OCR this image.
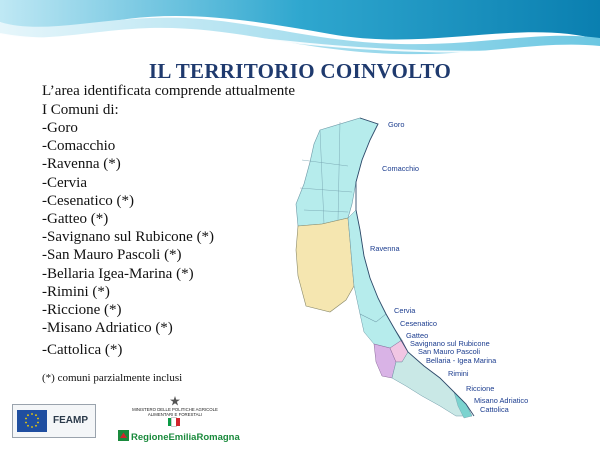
IL TERRITORIO COINVOLTO
L’area identificata comprende attualmente
I Comuni di:
-Goro
-Comacchio
-Ravenna (*)
-Cervia
-Cesenatico (*)
-Gatteo (*)
-Savignano sul Rubicone (*)
-San Mauro Pascoli (*)
-Bellaria Igea-Marina (*)
-Rimini (*)
-Riccione (*)
-Misano Adriatico (*)
-Cattolica (*)
(*) comuni parzialmente inclusi
FEAMP
MINISTERO DELLE POLITICHE AGRICOLE
ALIMENTARI E FORESTALI
RegioneEmiliaRomagna
Goro
Comacchio
Ravenna
Cervia
Cesenatico
Gatteo
Savignano sul Rubicone
San Mauro Pascoli
Bellaria - Igea Marina
Rimini
Riccione
Misano Adriatico
Cattolica
